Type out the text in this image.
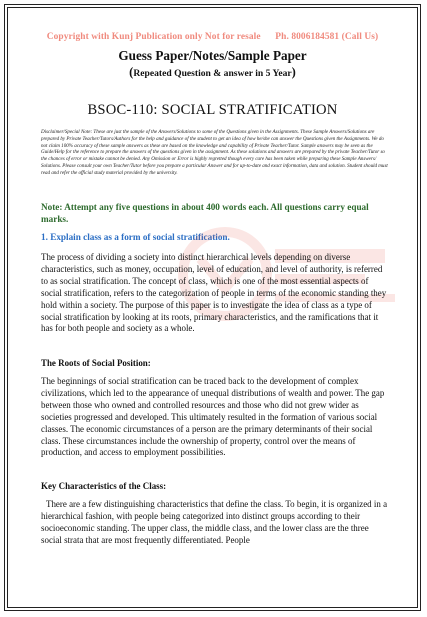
Copyright with Kunj Publication only Not for resale      Ph. 8006184581 (Call Us)
Guess Paper/Notes/Sample Paper
(Repeated Question & answer in 5 Year)
BSOC-110: SOCIAL STRATIFICATION
Disclaimer/Special Note: These are just the sample of the Answers/Solutions to some of the Questions given in the Assignments. These Sample Answers/Solutions are prepared by Private Teacher/Tutors/Authors for the help and guidance of the student to get an idea of how he/she can answer the Questions given the Assignments. We do not claim 100% accuracy of these sample answers as these are based on the knowledge and capability of Private Teacher/Tutor. Sample answers may be seen as the Guide/Help for the reference to prepare the answers of the questions given in the assignment. As these solutions and answers are prepared by the private Teacher/Tutor so the chances of error or mistake cannot be denied. Any Omission or Error is highly regretted though every care has been taken while preparing these Sample Answers/ Solutions. Please consult your own Teacher/Tutor before you prepare a particular Answer and for up-to-date and exact information, data and solution. Student should must read and refer the official study material provided by the university.
Note: Attempt any five questions in about 400 words each. All questions carry equal marks.
1. Explain class as a form of social stratification.
The process of dividing a society into distinct hierarchical levels depending on diverse characteristics, such as money, occupation, level of education, and level of authority, is referred to as social stratification. The concept of class, which is one of the most essential aspects of social stratification, refers to the categorization of people in terms of the economic standing they hold within a society. The purpose of this paper is to investigate the idea of class as a type of social stratification by looking at its roots, primary characteristics, and the ramifications that it has for both people and society as a whole.
The Roots of Social Position:
The beginnings of social stratification can be traced back to the development of complex civilizations, which led to the appearance of unequal distributions of wealth and power. The gap between those who owned and controlled resources and those who did not grew wider as societies progressed and developed. This ultimately resulted in the formation of various social classes. The economic circumstances of a person are the primary determinants of their social class. These circumstances include the ownership of property, control over the means of production, and access to employment possibilities.
Key Characteristics of the Class:
There are a few distinguishing characteristics that define the class. To begin, it is organized in a hierarchical fashion, with people being categorized into distinct groups according to their socioeconomic standing. The upper class, the middle class, and the lower class are the three social strata that are most frequently differentiated. People
